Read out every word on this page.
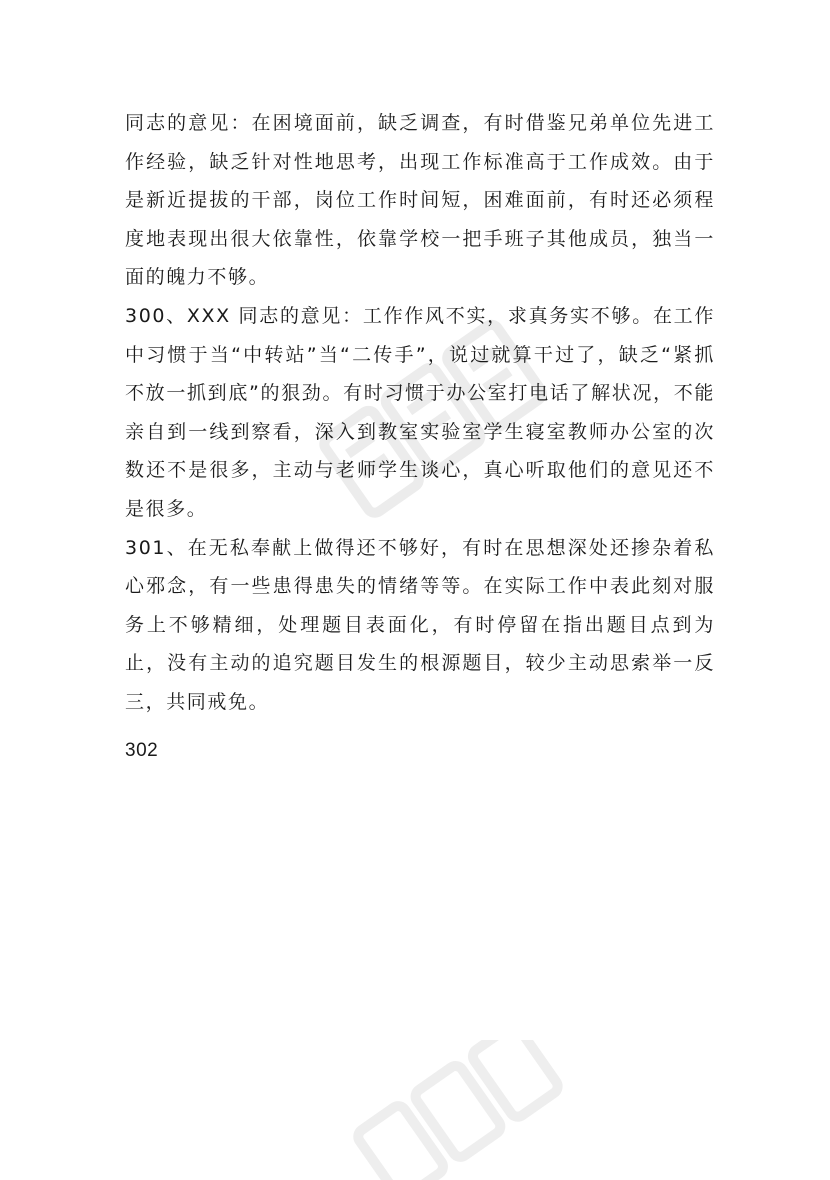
同志的意见：在困境面前，缺乏调查，有时借鉴兄弟单位先进工作经验，缺乏针对性地思考，出现工作标准高于工作成效。由于是新近提拔的干部，岗位工作时间短，困难面前，有时还必须程度地表现出很大依靠性，依靠学校一把手班子其他成员，独当一面的魄力不够。

300、XXX 同志的意见：工作作风不实，求真务实不够。在工作中习惯于当“中转站”当“二传手”，说过就算干过了，缺乏“紧抓不放一抓到底”的狠劲。有时习惯于办公室打电话了解状况，不能亲自到一线到察看，深入到教室实验室学生寝室教师办公室的次数还不是很多，主动与老师学生谈心，真心听取他们的意见还不是很多。

301、在无私奉献上做得还不够好，有时在思想深处还掺杂着私心邪念，有一些患得患失的情绪等等。在实际工作中表此刻对服务上不够精细，处理题目表面化，有时停留在指出题目点到为止，没有主动的追究题目发生的根源题目，较少主动思索举一反三，共同戒免。

302
